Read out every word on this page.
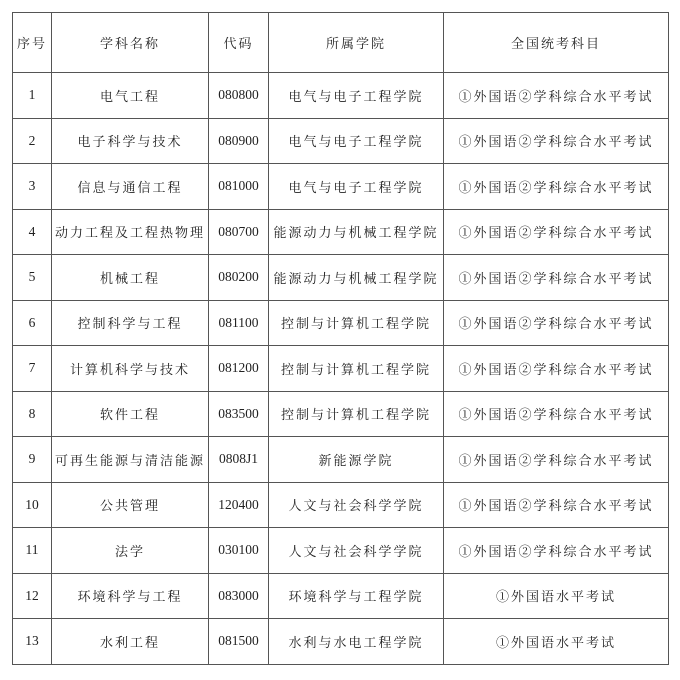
序号	学科名称	代码	所属学院	全国统考科目
1	电气工程	080800	电气与电子工程学院	①外国语②学科综合水平考试
2	电子科学与技术	080900	电气与电子工程学院	①外国语②学科综合水平考试
3	信息与通信工程	081000	电气与电子工程学院	①外国语②学科综合水平考试
4	动力工程及工程热物理	080700	能源动力与机械工程学院	①外国语②学科综合水平考试
5	机械工程	080200	能源动力与机械工程学院	①外国语②学科综合水平考试
6	控制科学与工程	081100	控制与计算机工程学院	①外国语②学科综合水平考试
7	计算机科学与技术	081200	控制与计算机工程学院	①外国语②学科综合水平考试
8	软件工程	083500	控制与计算机工程学院	①外国语②学科综合水平考试
9	可再生能源与清洁能源	0808J1	新能源学院	①外国语②学科综合水平考试
10	公共管理	120400	人文与社会科学学院	①外国语②学科综合水平考试
11	法学	030100	人文与社会科学学院	①外国语②学科综合水平考试
12	环境科学与工程	083000	环境科学与工程学院	①外国语水平考试
13	水利工程	081500	水利与水电工程学院	①外国语水平考试
